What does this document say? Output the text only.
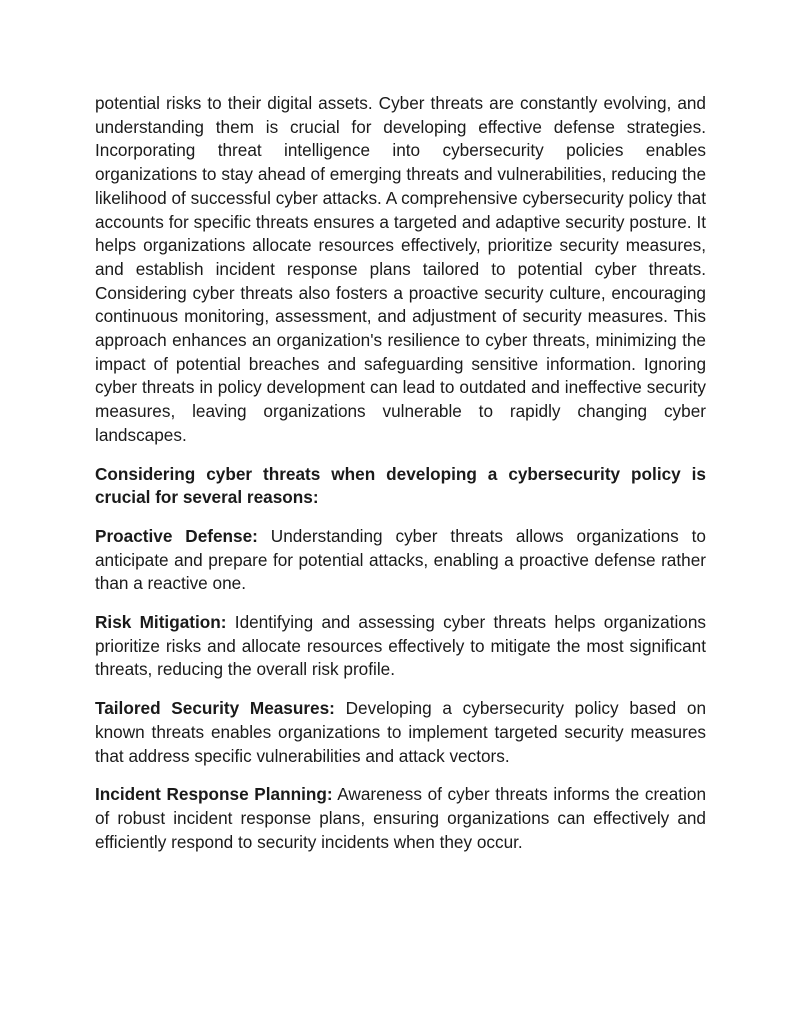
potential risks to their digital assets. Cyber threats are constantly evolving, and understanding them is crucial for developing effective defense strategies. Incorporating threat intelligence into cybersecurity policies enables organizations to stay ahead of emerging threats and vulnerabilities, reducing the likelihood of successful cyber attacks. A comprehensive cybersecurity policy that accounts for specific threats ensures a targeted and adaptive security posture. It helps organizations allocate resources effectively, prioritize security measures, and establish incident response plans tailored to potential cyber threats. Considering cyber threats also fosters a proactive security culture, encouraging continuous monitoring, assessment, and adjustment of security measures. This approach enhances an organization's resilience to cyber threats, minimizing the impact of potential breaches and safeguarding sensitive information. Ignoring cyber threats in policy development can lead to outdated and ineffective security measures, leaving organizations vulnerable to rapidly changing cyber landscapes.

Considering cyber threats when developing a cybersecurity policy is crucial for several reasons:

Proactive Defense: Understanding cyber threats allows organizations to anticipate and prepare for potential attacks, enabling a proactive defense rather than a reactive one.

Risk Mitigation: Identifying and assessing cyber threats helps organizations prioritize risks and allocate resources effectively to mitigate the most significant threats, reducing the overall risk profile.

Tailored Security Measures: Developing a cybersecurity policy based on known threats enables organizations to implement targeted security measures that address specific vulnerabilities and attack vectors.

Incident Response Planning: Awareness of cyber threats informs the creation of robust incident response plans, ensuring organizations can effectively and efficiently respond to security incidents when they occur.
